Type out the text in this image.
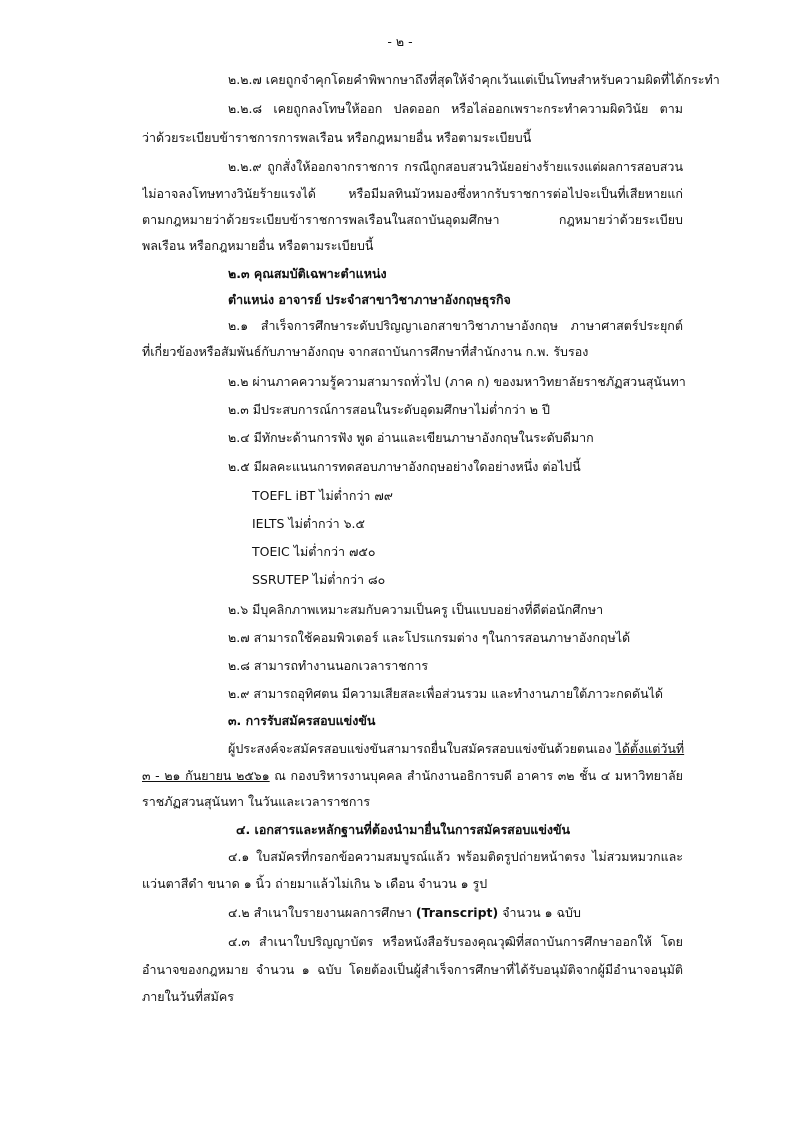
- ๒ -
๒.๒.๗ เคยถูกจำคุกโดยคำพิพากษาถึงที่สุดให้จำคุกเว้นแต่เป็นโทษสำหรับความผิดที่ได้กระทำ
๒.๒.๘ เคยถูกลงโทษให้ออก ปลดออก หรือไล่ออกเพราะกระทำความผิดวินัย ตาม
ว่าด้วยระเบียบข้าราชการการพลเรือน หรือกฎหมายอื่น หรือตามระเบียบนี้
๒.๒.๙ ถูกสั่งให้ออกจากราชการ กรณีถูกสอบสวนวินัยอย่างร้ายแรงแต่ผลการสอบสวน
ไม่อาจลงโทษทางวินัยร้ายแรงได้ หรือมีมลทินมัวหมองซึ่งหากรับราชการต่อไปจะเป็นที่เสียหายแก่
ตามกฎหมายว่าด้วยระเบียบข้าราชการพลเรือนในสถาบันอุดมศึกษา กฎหมายว่าด้วยระเบียบ
พลเรือน หรือกฎหมายอื่น หรือตามระเบียบนี้
๒.๓ คุณสมบัติเฉพาะตำแหน่ง
ตำแหน่ง อาจารย์ ประจำสาขาวิชาภาษาอังกฤษธุรกิจ
๒.๑ สำเร็จการศึกษาระดับปริญญาเอกสาขาวิชาภาษาอังกฤษ ภาษาศาสตร์ประยุกต์
ที่เกี่ยวข้องหรือสัมพันธ์กับภาษาอังกฤษ จากสถาบันการศึกษาที่สำนักงาน ก.พ. รับรอง
๒.๒ ผ่านภาคความรู้ความสามารถทั่วไป (ภาค ก) ของมหาวิทยาลัยราชภัฏสวนสุนันทา
๒.๓ มีประสบการณ์การสอนในระดับอุดมศึกษาไม่ต่ำกว่า ๒ ปี
๒.๔ มีทักษะด้านการฟัง พูด อ่านและเขียนภาษาอังกฤษในระดับดีมาก
๒.๕ มีผลคะแนนการทดสอบภาษาอังกฤษอย่างใดอย่างหนึ่ง ต่อไปนี้
TOEFL iBT ไม่ต่ำกว่า ๗๙
IELTS ไม่ต่ำกว่า ๖.๕
TOEIC ไม่ต่ำกว่า ๗๕๐
SSRUTEP ไม่ต่ำกว่า ๘๐
๒.๖ มีบุคลิกภาพเหมาะสมกับความเป็นครู เป็นแบบอย่างที่ดีต่อนักศึกษา
๒.๗ สามารถใช้คอมพิวเตอร์ และโปรแกรมต่าง ๆในการสอนภาษาอังกฤษได้
๒.๘ สามารถทำงานนอกเวลาราชการ
๒.๙ สามารถอุทิศตน มีความเสียสละเพื่อส่วนรวม และทำงานภายใต้ภาวะกดดันได้
๓. การรับสมัครสอบแข่งขัน
ผู้ประสงค์จะสมัครสอบแข่งขันสามารถยื่นใบสมัครสอบแข่งขันด้วยตนเอง ได้ตั้งแต่วันที่
๓ - ๒๑ กันยายน ๒๕๖๑ ณ กองบริหารงานบุคคล สำนักงานอธิการบดี อาคาร ๓๒ ชั้น ๔ มหาวิทยาลัย
ราชภัฏสวนสุนันทา ในวันและเวลาราชการ
๔. เอกสารและหลักฐานที่ต้องนำมายื่นในการสมัครสอบแข่งขัน
๔.๑ ใบสมัครที่กรอกข้อความสมบูรณ์แล้ว พร้อมติดรูปถ่ายหน้าตรง ไม่สวมหมวกและ
แว่นตาสีดำ ขนาด ๑ นิ้ว ถ่ายมาแล้วไม่เกิน ๖ เดือน จำนวน ๑ รูป
๔.๒ สำเนาใบรายงานผลการศึกษา (Transcript) จำนวน ๑ ฉบับ
๔.๓ สำเนาใบปริญญาบัตร หรือหนังสือรับรองคุณวุฒิที่สถาบันการศึกษาออกให้ โดย
อำนาจของกฎหมาย จำนวน ๑ ฉบับ โดยต้องเป็นผู้สำเร็จการศึกษาที่ได้รับอนุมัติจากผู้มีอำนาจอนุมัติ
ภายในวันที่สมัคร
